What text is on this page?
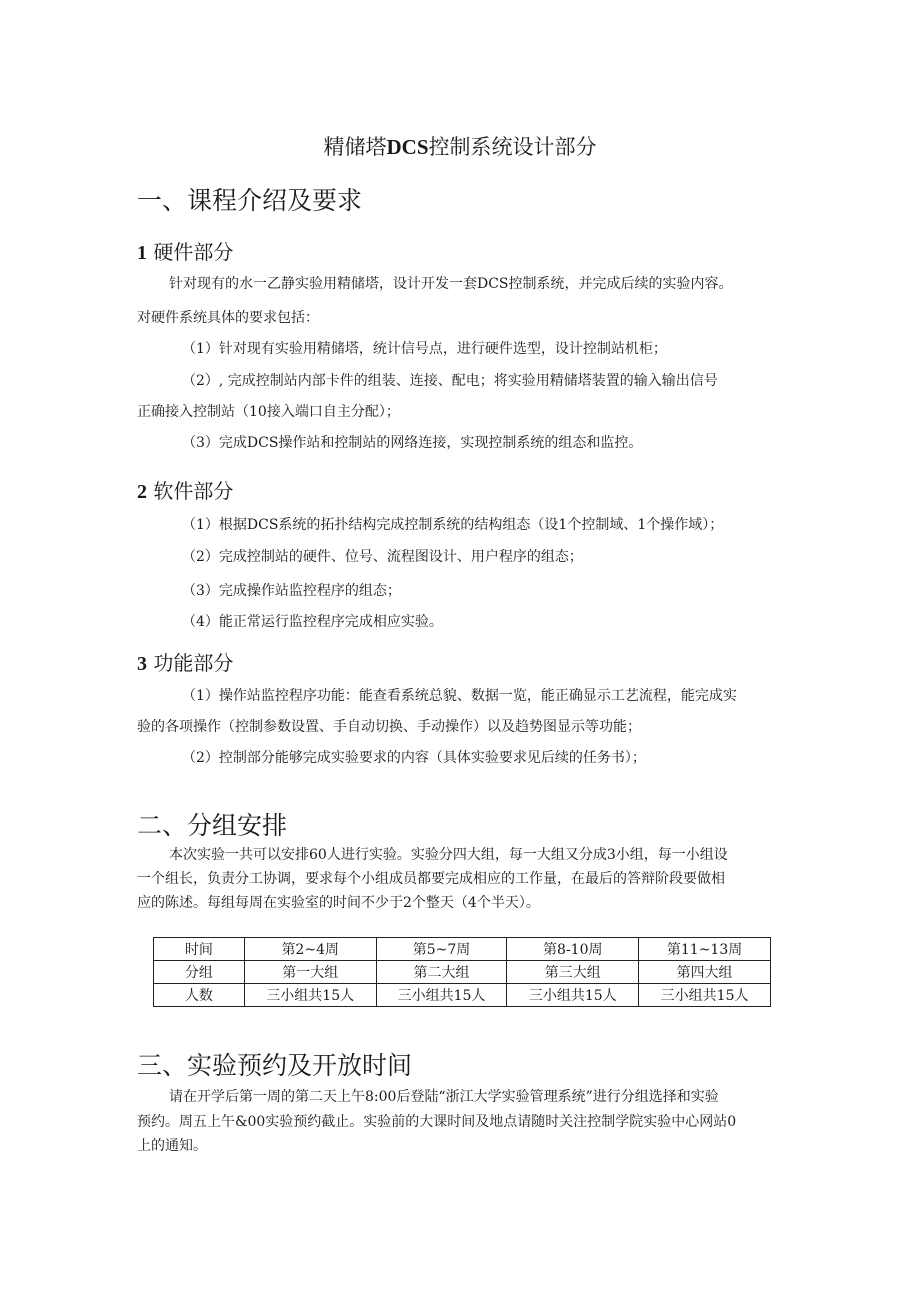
精储塔DCS控制系统设计部分
一、课程介绍及要求
1 硬件部分
针对现有的水一乙静实验用精储塔，设计开发一套DCS控制系统，并完成后续的实验内容。
对硬件系统具体的要求包括：
（1）针对现有实验用精储塔，统计信号点，进行硬件选型，设计控制站机柜；
（2）, 完成控制站内部卡件的组装、连接、配电；将实验用精储塔装置的输入输出信号
正确接入控制站（10接入端口自主分配）；
（3）完成DCS操作站和控制站的网络连接，实现控制系统的组态和监控。
2 软件部分
（1）根据DCS系统的拓扑结构完成控制系统的结构组态（设1个控制域、1个操作域）；
（2）完成控制站的硬件、位号、流程图设计、用户程序的组态；
（3）完成操作站监控程序的组态；
（4）能正常运行监控程序完成相应实验。
3 功能部分
（1）操作站监控程序功能：能查看系统总貌、数据一览，能正确显示工艺流程，能完成实
验的各项操作（控制参数设置、手自动切换、手动操作）以及趋势图显示等功能；
（2）控制部分能够完成实验要求的内容（具体实验要求见后续的任务书）；
二、分组安排
本次实验一共可以安排60人进行实验。实验分四大组，每一大组又分成3小组，每一小组设
一个组长，负责分工协调，要求每个小组成员都要完成相应的工作量，在最后的答辩阶段要做相
应的陈述。每组每周在实验室的时间不少于2个整天（4个半天）。
时间	第2~4周	第5~7周	第8-10周	第11~13周
分组	第一大组	第二大组	第三大组	第四大组
人数	三小组共15人	三小组共15人	三小组共15人	三小组共15人
三、实验预约及开放时间
请在开学后第一周的第二天上午8:00后登陆“浙江大学实验管理系统”进行分组选择和实验
预约。周五上午&00实验预约截止。实验前的大课时间及地点请随时关注控制学院实验中心网站0
上的通知。
